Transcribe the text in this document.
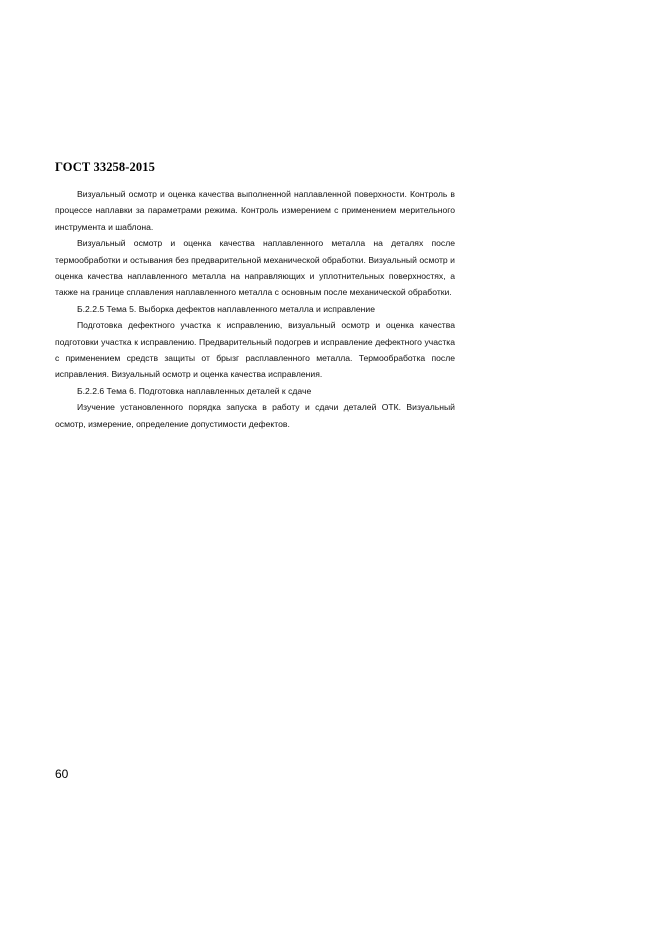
ГОСТ 33258-2015

Визуальный осмотр и оценка качества выполненной наплавленной поверхности. Контроль в процессе наплавки за параметрами режима. Контроль измерением с применением мерительного инструмента и шаблона.

Визуальный осмотр и оценка качества наплавленного металла на деталях после термообработки и остывания без предварительной механической обработки. Визуальный осмотр и оценка качества наплавленного металла на направляющих и уплотнительных поверхностях, а также на границе сплавления наплавленного металла с основным после механической обработки.

Б.2.2.5 Тема 5. Выборка дефектов наплавленного металла и исправление

Подготовка дефектного участка к исправлению, визуальный осмотр и оценка качества подготовки участка к исправлению. Предварительный подогрев и исправление дефектного участка с применением средств защиты от брызг расплавленного металла. Термообработка после исправления. Визуальный осмотр и оценка качества исправления.

Б.2.2.6 Тема 6. Подготовка наплавленных деталей к сдаче

Изучение установленного порядка запуска в работу и сдачи деталей ОТК. Визуальный осмотр, измерение, определение допустимости дефектов.

60
